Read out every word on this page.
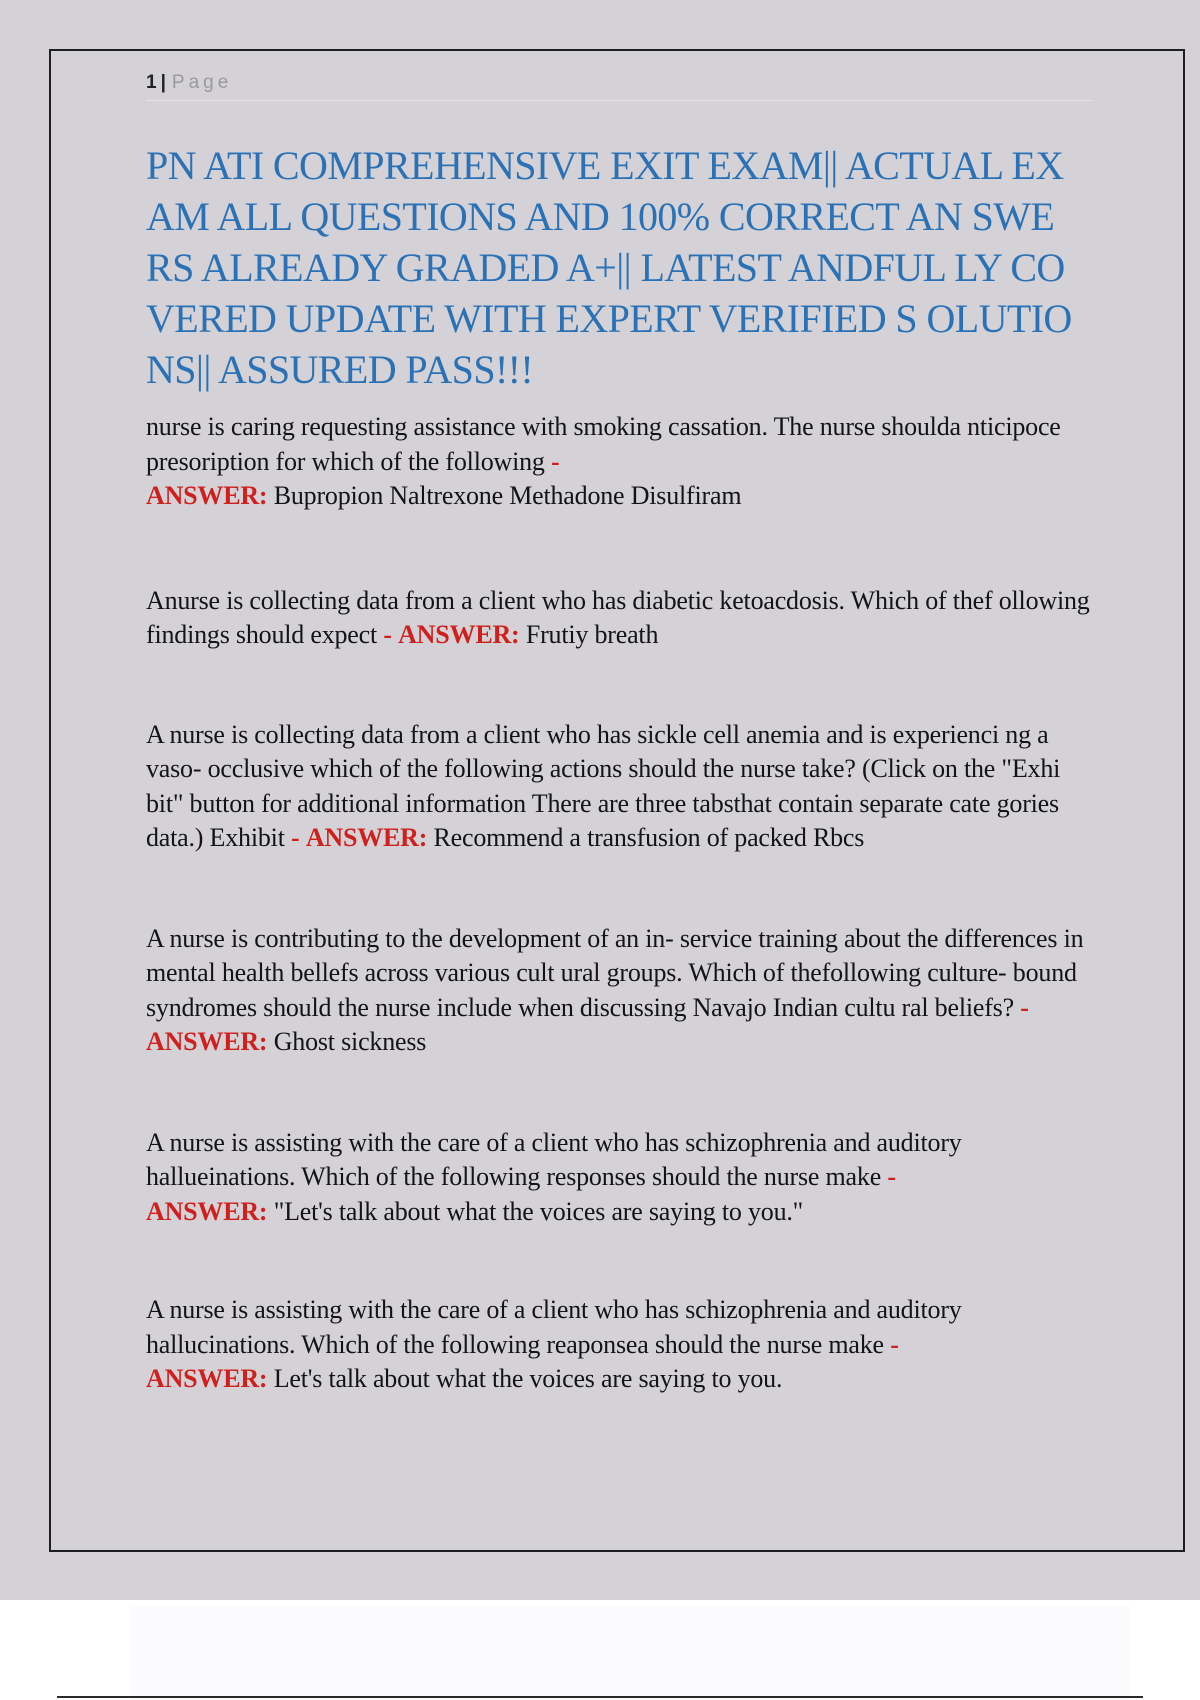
1 | Page
PN ATI COMPREHENSIVE EXIT EXAM|| ACTUAL EXAM ALL QUESTIONS AND 100% CORRECT AN SWERS ALREADY GRADED A+|| LATEST ANDFUL LY COVERED UPDATE WITH EXPERT VERIFIED S OLUTIONS|| ASSURED PASS!!!

nurse is caring requesting assistance with smoking cassation. The nurse shoulda nticipoce presoription for which of the following -
ANSWER: Bupropion Naltrexone Methadone Disulfiram

Anurse is collecting data from a client who has diabetic ketoacdosis. Which of thef ollowing findings should expect - ANSWER: Frutiy breath

A nurse is collecting data from a client who has sickle cell anemia and is experienci ng a vaso- occlusive which of the following actions should the nurse take? (Click on the "Exhi bit" button for additional information There are three tabsthat contain separate cate gories data.) Exhibit - ANSWER: Recommend a transfusion of packed Rbcs

A nurse is contributing to the development of an in- service training about the differences in mental health bellefs across various cult ural groups. Which of thefollowing culture- bound syndromes should the nurse include when discussing Navajo Indian cultu ral beliefs? - ANSWER: Ghost sickness

A nurse is assisting with the care of a client who has schizophrenia and auditory hallueinations. Which of the following responses should the nurse make -
ANSWER: "Let's talk about what the voices are saying to you."

A nurse is assisting with the care of a client who has schizophrenia and auditory hallucinations. Which of the following reaponsea should the nurse make -
ANSWER: Let's talk about what the voices are saying to you.
